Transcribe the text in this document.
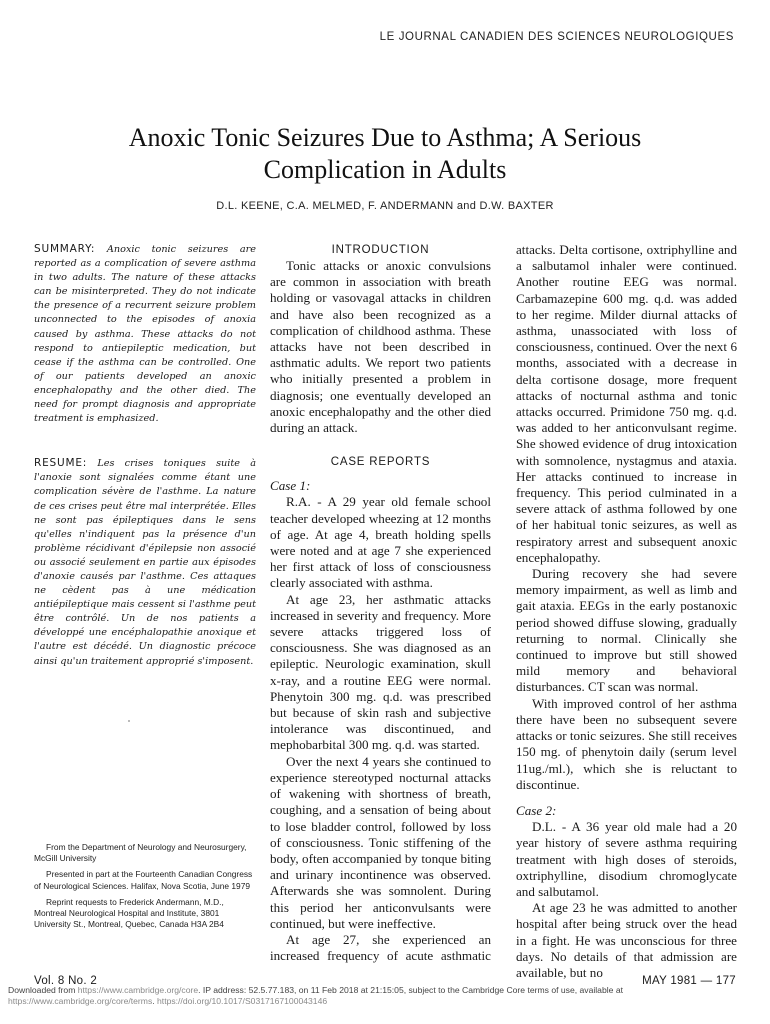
LE JOURNAL CANADIEN DES SCIENCES NEUROLOGIQUES
Anoxic Tonic Seizures Due to Asthma; A Serious
Complication in Adults
D.L. KEENE, C.A. MELMED, F. ANDERMANN and D.W. BAXTER

SUMMARY: Anoxic tonic seizures are reported as a complication of severe asthma in two adults. The nature of these attacks can be misinterpreted. They do not indicate the presence of a recurrent seizure problem unconnected to the episodes of anoxia caused by asthma. These attacks do not respond to antiepileptic medication, but cease if the asthma can be controlled. One of our patients developed an anoxic encephalopathy and the other died. The need for prompt diagnosis and appropriate treatment is emphasized.

RESUME: Les crises toniques suite à l'anoxie sont signalées comme étant une complication sévère de l'asthme. La nature de ces crises peut être mal interprétée. Elles ne sont pas épileptiques dans le sens qu'elles n'indiquent pas la présence d'un problème récidivant d'épilepsie non associé ou associé seulement en partie aux épisodes d'anoxie causés par l'asthme. Ces attaques ne cèdent pas à une médication antiépileptique mais cessent si l'asthme peut être contrôlé. Un de nos patients a développé une encéphalopathie anoxique et l'autre est décédé. Un diagnostic précoce ainsi qu'un traitement approprié s'imposent.

From the Department of Neurology and Neurosurgery, McGill University

Presented in part at the Fourteenth Canadian Congress of Neurological Sciences. Halifax, Nova Scotia, June 1979

Reprint requests to Frederick Andermann, M.D., Montreal Neurological Hospital and Institute, 3801 University St., Montreal, Quebec, Canada H3A 2B4

INTRODUCTION

Tonic attacks or anoxic convulsions are common in association with breath holding or vasovagal attacks in children and have also been recognized as a complication of childhood asthma. These attacks have not been described in asthmatic adults. We report two patients who initially presented a problem in diagnosis; one eventually developed an anoxic encephalopathy and the other died during an attack.

CASE REPORTS

Case 1:

R.A. - A 29 year old female school teacher developed wheezing at 12 months of age. At age 4, breath holding spells were noted and at age 7 she experienced her first attack of loss of consciousness clearly associated with asthma.

At age 23, her asthmatic attacks increased in severity and frequency. More severe attacks triggered loss of consciousness. She was diagnosed as an epileptic. Neurologic examination, skull x-ray, and a routine EEG were normal. Phenytoin 300 mg. q.d. was prescribed but because of skin rash and subjective intolerance was discontinued, and mephobarbital 300 mg. q.d. was started.

Over the next 4 years she continued to experience stereotyped nocturnal attacks of wakening with shortness of breath, coughing, and a sensation of being about to lose bladder control, followed by loss of consciousness. Tonic stiffening of the body, often accompanied by tonque biting and urinary incontinence was observed. Afterwards she was somnolent. During this period her anticonvulsants were continued, but were ineffective.

At age 27, she experienced an increased frequency of acute asthmatic

attacks. Delta cortisone, oxtriphylline and a salbutamol inhaler were continued. Another routine EEG was normal. Carbamazepine 600 mg. q.d. was added to her regime. Milder diurnal attacks of asthma, unassociated with loss of consciousness, continued. Over the next 6 months, associated with a decrease in delta cortisone dosage, more frequent attacks of nocturnal asthma and tonic attacks occurred. Primidone 750 mg. q.d. was added to her anticonvulsant regime. She showed evidence of drug intoxication with somnolence, nystagmus and ataxia. Her attacks continued to increase in frequency. This period culminated in a severe attack of asthma followed by one of her habitual tonic seizures, as well as respiratory arrest and subsequent anoxic encephalopathy.

During recovery she had severe memory impairment, as well as limb and gait ataxia. EEGs in the early postanoxic period showed diffuse slowing, gradually returning to normal. Clinically she continued to improve but still showed mild memory and behavioral disturbances. CT scan was normal.

With improved control of her asthma there have been no subsequent severe attacks or tonic seizures. She still receives 150 mg. of phenytoin daily (serum level 11ug./ml.), which she is reluctant to discontinue.

Case 2:

D.L. - A 36 year old male had a 20 year history of severe asthma requiring treatment with high doses of steroids, oxtriphylline, disodium chromoglycate and salbutamol.

At age 23 he was admitted to another hospital after being struck over the head in a fight. He was unconscious for three days. No details of that admission are available, but no

Vol. 8 No. 2	MAY 1981 — 177
Downloaded from https://www.cambridge.org/core. IP address: 52.5.77.183, on 11 Feb 2018 at 21:15:05, subject to the Cambridge Core terms of use, available at
https://www.cambridge.org/core/terms. https://doi.org/10.1017/S0317167100043146
